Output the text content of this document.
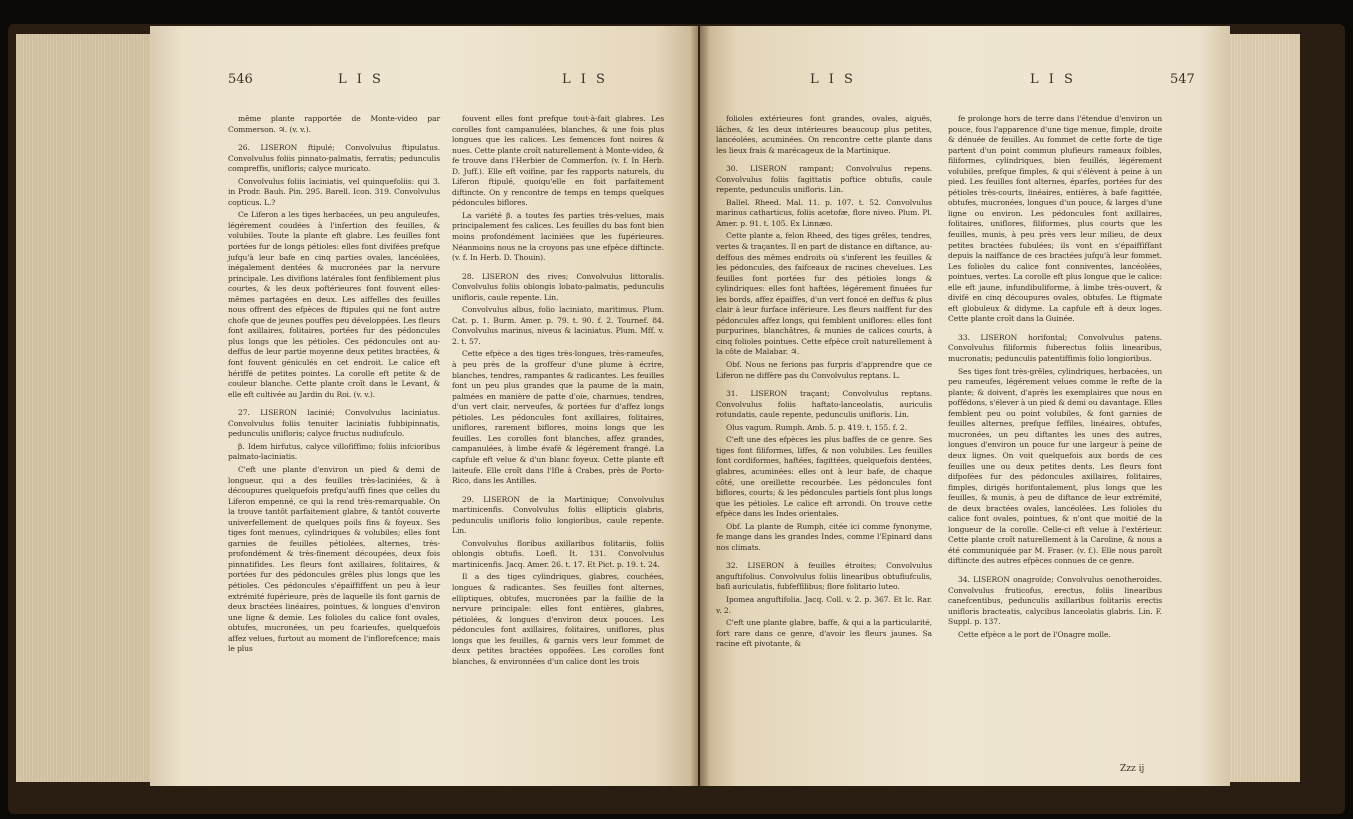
546	L I S	L I S

même plante rapportée de Monte-video par Commerson. ♃. (v. v.).

26. LISERON ftipulé; Convolvulus ftipulatus. Convolvulus foliis pinnato-palmatis, ferratis; pedunculis compreffis, unifloris; calyce muricato.

Convolvulus foliis laciniatis, vel quinquefoliis: qui 3. in Prodr. Bauh. Pin. 295. Barell. Icon. 319. Convolvulus copticus. L.?

Ce Liferon a les tiges herbacées, un peu anguleufes, légérement coudées à l'infertion des feuilles, & volubiles. Toute la plante eft glabre. Les feuilles font portées fur de longs pétioles: elles font divifées prefque jufqu'à leur bafe en cinq parties ovales, lancéolées, inégalement dentées & mucronées par la nervure principale. Les divifions latérales font fenfiblement plus courtes, & les deux poftérieures font fouvent elles-mêmes partagées en deux. Les aiffelles des feuilles nous offrent des efpèces de ftipules qui ne font autre chofe que de jeunes pouffes peu développées. Les fleurs font axillaires, folitaires, portées fur des pédoncules plus longs que les pétioles. Ces pédoncules ont au-deffus de leur partie moyenne deux petites bractées, & font fouvent géniculés en cet endroit. Le calice eft hériffé de petites pointes. La corolle eft petite & de couleur blanche. Cette plante croît dans le Levant, & elle eft cultivée au Jardin du Roi. (v. v.).

27. LISERON lacinié; Convolvulus laciniatus. Convolvulus foliis tenuiter laciniatis fubbipinnatis, pedunculis unifloris; calyce fructus nudiufculo.

β. Idem hirfutus, calyce villofiffimo; foliis infcioribus palmato-laciniatis.

C'eft une plante d'environ un pied & demi de longueur, qui a des feuilles très-laciniées, & à découpures quelquefois prefqu'auffi fines que celles du Liferon empenné, ce qui la rend très-remarquable. On la trouve tantôt parfaitement glabre, & tantôt couverte univerfellement de quelques poils fins & foyeux. Ses tiges font menues, cylindriques & volubiles; elles font garnies de feuilles pétiolées, alternes, très-profondément & très-finement découpées, deux fois pinnatifides. Les fleurs font axillaires, folitaires, & portées fur des pédoncules grêles plus longs que les pétioles. Ces pédoncules s'épaiffiffent un peu à leur extrémité fupérieure, près de laquelle ils font garnis de deux bractées linéaires, pointues, & longues d'environ une ligne & demie. Les folioles du calice font ovales, obtufes, mucronées, un peu fcarieufes, quelquefois affez velues, furtout au moment de l'inflorefcence; mais le plus

fouvent elles font prefque tout-à-fait glabres. Les corolles font campanulées, blanches, & une fois plus longues que les calices. Les femences font noires & nues. Cette plante croît naturellement à Monte-video, & fe trouve dans l'Herbier de Commerfon. (v. f. In Herb. D. Juff.). Elle eft voifine, par fes rapports naturels, du Liferon ftipulé, quoiqu'elle en foit parfaitement diftincte. On y rencontre de temps en temps quelques pédoncules biflores.

La variété β. a toutes fes parties très-velues, mais principalement fes calices. Les feuilles du bas font bien moins profondément laciniées que les fupérieures. Néanmoins nous ne la croyons pas une efpèce diftincte. (v. f. In Herb. D. Thouin).

28. LISERON des rives; Convolvulus littoralis. Convolvulus foliis oblongis lobato-palmatis, pedunculis unifloris, caule repente. Lin.

Convolvulus albus, folio laciniato, maritimus. Plum. Cat. p. 1. Burm. Amer. p. 79. t. 90. f. 2. Tournef. 84. Convolvulus marinus, niveus & laciniatus. Plum. Mff. v. 2. t. 57.

Cette efpèce a des tiges très-longues, très-rameufes, à peu près de la groffeur d'une plume à écrire, blanches, tendres, rampantes & radicantes. Les feuilles font un peu plus grandes que la paume de la main, palmées en manière de patte d'oie, charnues, tendres, d'un vert clair, nerveufes, & portées fur d'affez longs pétioles. Les pédoncules font axillaires, folitaires, uniflores, rarement biflores, moins longs que les feuilles. Les corolles font blanches, affez grandes, campanulées, à limbe évafé & légérement frangé. La capfule eft velue & d'un blanc foyeux. Cette plante eft laiteufe. Elle croît dans l'Ifle à Crabes, près de Porto-Rico, dans les Antilles.

29. LISERON de la Martinique; Convolvulus martinicenfis. Convolvulus foliis ellipticis glabris, pedunculis unifloris folio longioribus, caule repente. Lin.

Convolvulus floribus axillaribus folitariis, foliis oblongis obtufis. Loefl. It. 131. Convolvulus martinicenfis. Jacq. Amer. 26. t. 17. Et Pict. p. 19. t. 24.

Il a des tiges cylindriques, glabres, couchées, longues & radicantes. Ses feuilles font alternes, elliptiques, obtufes, mucronées par la faillie de la nervure principale: elles font entières, glabres, pétiolées, & longues d'environ deux pouces. Les pédoncules font axillaires, folitaires, uniflores, plus longs que les feuilles, & garnis vers leur fommet de deux petites bractées oppofées. Les corolles font blanches, & environnées d'un calice dont les trois

L I S	L I S	547

folioles extérieures font grandes, ovales, aiguës, lâches, & les deux intérieures beaucoup plus petites, lancéolées, acuminées. On rencontre cette plante dans les lieux frais & marécageux de la Martinique.

30. LISERON rampant; Convolvulus repens. Convolvulus foliis fagittatis poftice obtufis, caule repente, pedunculis unifloris. Lin.

Ballel. Rheed. Mal. 11. p. 107. t. 52. Convolvulus marinus catharticus, foliis acetofæ, flore niveo. Plum. Pl. Amer. p. 91. t. 105. Ex Linnæo.

Cette plante a, felon Rheed, des tiges grêles, tendres, vertes & traçantes. Il en part de distance en diftance, au-deffous des mêmes endroits où s'inferent les feuilles & les pédoncules, des faifceaux de racines chevelues. Les feuilles font portées fur des pétioles longs & cylindriques: elles font haftées, légérement finuées fur les bords, affez épaiffes, d'un vert foncé en deffus & plus clair à leur furface inférieure. Les fleurs naiffent fur des pédoncules affez longs, qui femblent uniflores: elles font purpurines, blanchâtres, & munies de calices courts, à cinq folioles pointues. Cette efpèce croît naturellement à la côte de Malabar. ♃.

Obf. Nous ne ferions pas furpris d'apprendre que ce Liferon ne diffère pas du Convolvulus reptans. L.

31. LISERON traçant; Convolvulus reptans. Convolvulus foliis haftato-lanceolatis, auriculis rotundatis, caule repente, pedunculis unifloris. Lin.

Olus vagum. Rumph. Amb. 5. p. 419. t. 155. f. 2.

C'eft une des efpèces les plus baffes de ce genre. Ses tiges font filiformes, liffes, & non volubiles. Les feuilles font cordiformes, haftées, fagittées, quelquefois dentées, glabres, acuminées: elles ont à leur bafe, de chaque côté, une oreillette recourbée. Les pédoncules font biflores, courts; & les pédoncules partiels font plus longs que les pétioles. Le calice eft arrondi. On trouve cette efpèce dans les Indes orientales.

Obf. La plante de Rumph, citée ici comme fynonyme, fe mange dans les grandes Indes, comme l'Epinard dans nos climats.

32. LISERON à feuilles étroites; Convolvulus anguftifolius. Convolvulus foliis linearibus obtufiufculis, bafi auriculatis, fubfeffilibus; flore folitario luteo.

Ipomea anguftifolia. Jacq. Coll. v. 2. p. 367. Et Ic. Rar. v. 2.

C'eft une plante glabre, baffe, & qui a la particularité, fort rare dans ce genre, d'avoir les fleurs jaunes. Sa racine eft pivotante, &

fe prolonge hors de terre dans l'étendue d'environ un pouce, fous l'apparence d'une tige menue, fimple, droite & dénuée de feuilles. Au fommet de cette forte de tige partent d'un point commun plufieurs rameaux foibles, filiformes, cylindriques, bien feuillés, légérement volubiles, prefque fimples, & qui s'élèvent à peine à un pied. Les feuilles font alternes, éparfes, portées fur des pétioles très-courts, linéaires, entières, à bafe fagittée, obtufes, mucronées, longues d'un pouce, & larges d'une ligne ou environ. Les pédoncules font axillaires, folitaires, uniflores, filiformes, plus courts que les feuilles, munis, à peu près vers leur milieu, de deux petites bractées fubulées; ils vont en s'épaiffiffant depuis la naiffance de ces bractées jufqu'à leur fommet. Les folioles du calice font conniventes, lancéolées, pointues, vertes. La corolle eft plus longue que le calice: elle eft jaune, infundibuliforme, à limbe très-ouvert, & divifé en cinq découpures ovales, obtufes. Le ftigmate eft globuleux & didyme. La capfule eft à deux loges. Cette plante croît dans la Guinée.

33. LISERON horifontal; Convolvulus patens. Convolvulus filiformis fuberectus foliis linearibus, mucronatis; pedunculis patentiffimis folio longioribus.

Ses tiges font très-grêles, cylindriques, herbacées, un peu rameufes, légérement velues comme le refte de la plante; & doivent, d'après les exemplaires que nous en poffédons, s'élever à un pied & demi ou davantage. Elles femblent peu ou point volubiles, & font garnies de feuilles alternes, prefque feffiles, linéaires, obtufes, mucronées, un peu diftantes les unes des autres, longues d'environ un pouce fur une largeur à peine de deux lignes. On voit quelquefois aux bords de ces feuilles une ou deux petites dents. Les fleurs font difpofées fur des pédoncules axillaires, folitaires, fimples, dirigés horifontalement, plus longs que les feuilles, & munis, à peu de diftance de leur extrémité, de deux bractées ovales, lancéolées. Les folioles du calice font ovales, pointues, & n'ont que moitié de la longueur de la corolle. Celle-ci eft velue à l'extérieur. Cette plante croît naturellement à la Caroline, & nous a été communiquée par M. Fraser. (v. f.). Elle nous paroît diftincte des autres efpèces connues de ce genre.

34. LISERON onagroïde; Convolvulus oenotheroides. Convolvulus fruticofus, erectus, foliis linearibus canefcentibus, pedunculis axillaribus folitariis erectis unifloris bracteatis, calycibus lanceolatis glabris. Lin. F. Suppl. p. 137.

Cette efpèce a le port de l'Onagre molle.

Zzz ij
